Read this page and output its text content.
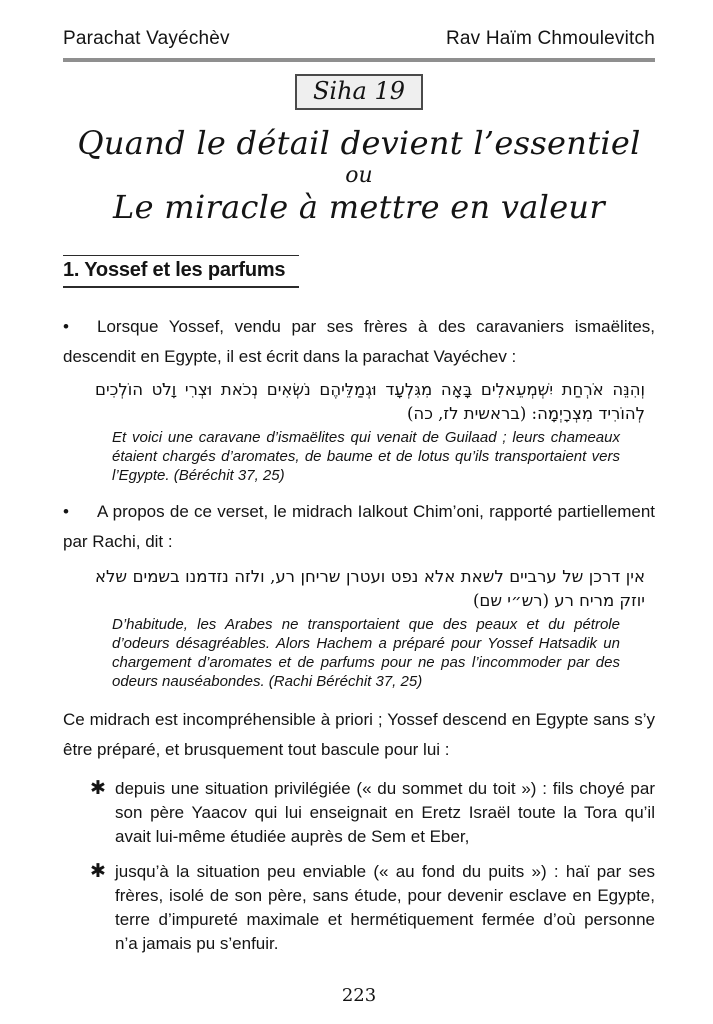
Parachat Vayéchèv	Rav Haïm Chmoulevitch
Siha 19
Quand le détail devient l’essentiel
ou
Le miracle à mettre en valeur
1. Yossef et les parfums

• Lorsque Yossef, vendu par ses frères à des caravaniers ismaëlites, descendit en Egypte, il est écrit dans la parachat Vayéchev :

וְהִנֵּה אֹרְחַת יִשְׁמְעֵאלִים בָּאָה מִגִּלְעָד וּגְמַלֵּיהֶם נֹשְׂאִים נְכֹאת וּצְרִי וָלֹט הוֹלְכִים לְהוֹרִיד מִצְרָיְמָה: (בראשית לז, כה)

Et voici une caravane d’ismaëlites qui venait de Guilaad ; leurs chameaux étaient chargés d’aromates, de baume et de lotus qu’ils transportaient vers l’Egypte. (Béréchit 37, 25)

• A propos de ce verset, le midrach Ialkout Chim’oni, rapporté partiellement par Rachi, dit :

אין דרכן של ערביים לשאת אלא נפט ועטרן שריחן רע, ולזה נזדמנו בשמים שלא יוזק מריח רע (רש״י שם)

D’habitude, les Arabes ne transportaient que des peaux et du pétrole d’odeurs désagréables. Alors Hachem a préparé pour Yossef Hatsadik un chargement d’aromates et de parfums pour ne pas l’incommoder par des odeurs nauséabondes. (Rachi Béréchit 37, 25)

Ce midrach est incompréhensible à priori ; Yossef descend en Egypte sans s’y être préparé, et brusquement tout bascule pour lui :

✱ depuis une situation privilégiée (« du sommet du toit ») : fils choyé par son père Yaacov qui lui enseignait en Eretz Israël toute la Tora qu’il avait lui-même étudiée auprès de Sem et Eber,
✱ jusqu’à la situation peu enviable (« au fond du puits ») : haï par ses frères, isolé de son père, sans étude, pour devenir esclave en Egypte, terre d’impureté maximale et hermétiquement fermée d’où personne n’a jamais pu s’enfuir.
223
